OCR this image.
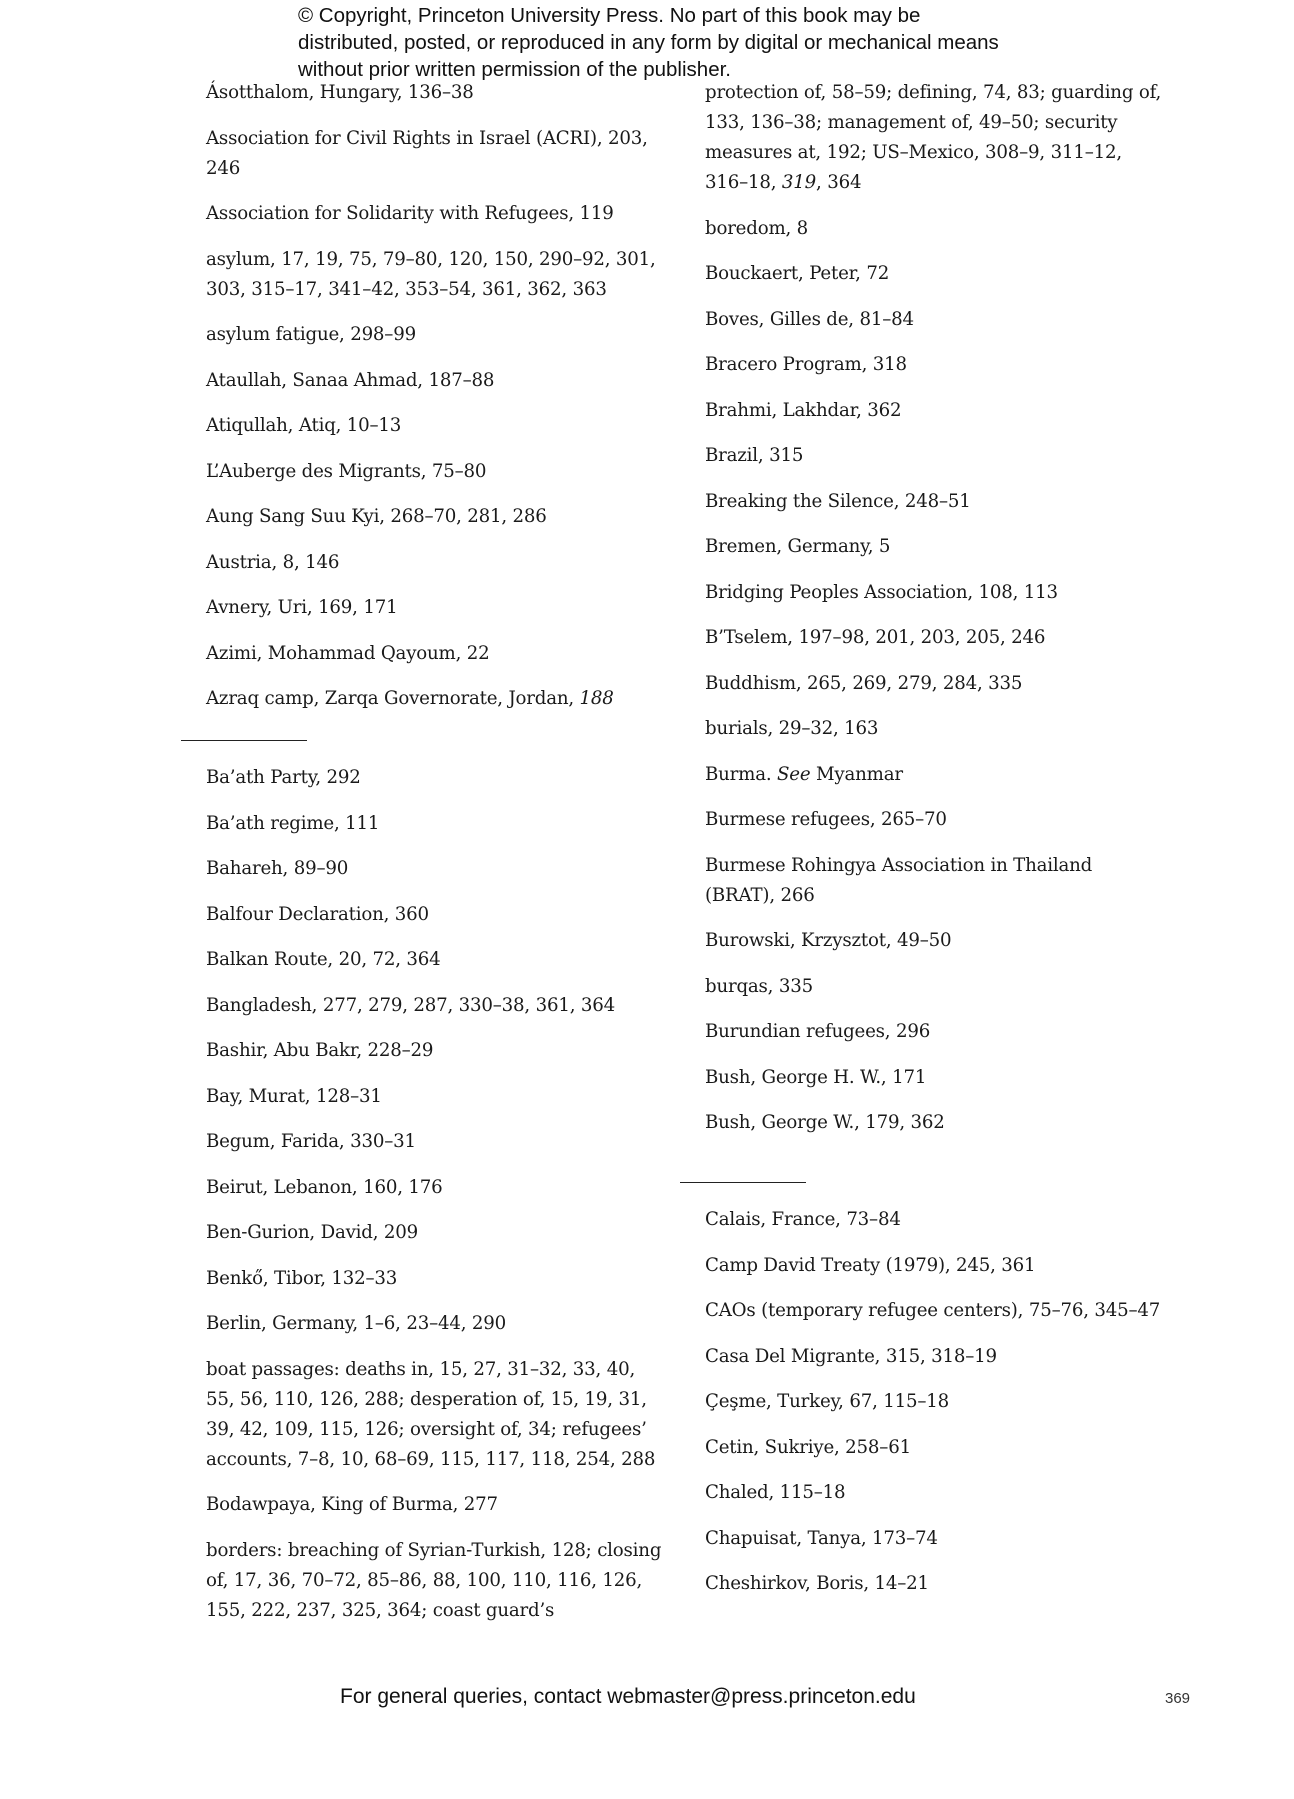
© Copyright, Princeton University Press. No part of this book may be distributed, posted, or reproduced in any form by digital or mechanical means without prior written permission of the publisher.

Ásotthalom, Hungary, 136–38

Association for Civil Rights in Israel (ACRI), 203, 246

Association for Solidarity with Refugees, 119

asylum, 17, 19, 75, 79–80, 120, 150, 290–92, 301, 303, 315–17, 341–42, 353–54, 361, 362, 363

asylum fatigue, 298–99

Ataullah, Sanaa Ahmad, 187–88

Atiqullah, Atiq, 10–13

L’Auberge des Migrants, 75–80

Aung Sang Suu Kyi, 268–70, 281, 286

Austria, 8, 146

Avnery, Uri, 169, 171

Azimi, Mohammad Qayoum, 22

Azraq camp, Zarqa Governorate, Jordan, 188

Ba’ath Party, 292

Ba’ath regime, 111

Bahareh, 89–90

Balfour Declaration, 360

Balkan Route, 20, 72, 364

Bangladesh, 277, 279, 287, 330–38, 361, 364

Bashir, Abu Bakr, 228–29

Bay, Murat, 128–31

Begum, Farida, 330–31

Beirut, Lebanon, 160, 176

Ben-Gurion, David, 209

Benkő, Tibor, 132–33

Berlin, Germany, 1–6, 23–44, 290

boat passages: deaths in, 15, 27, 31–32, 33, 40, 55, 56, 110, 126, 288; desperation of, 15, 19, 31, 39, 42, 109, 115, 126; oversight of, 34; refugees’ accounts, 7–8, 10, 68–69, 115, 117, 118, 254, 288

Bodawpaya, King of Burma, 277

borders: breaching of Syrian-Turkish, 128; closing of, 17, 36, 70–72, 85–86, 88, 100, 110, 116, 126, 155, 222, 237, 325, 364; coast guard’s

protection of, 58–59; defining, 74, 83; guarding of, 133, 136–38; management of, 49–50; security measures at, 192; US–Mexico, 308–9, 311–12, 316–18, 319, 364

boredom, 8

Bouckaert, Peter, 72

Boves, Gilles de, 81–84

Bracero Program, 318

Brahmi, Lakhdar, 362

Brazil, 315

Breaking the Silence, 248–51

Bremen, Germany, 5

Bridging Peoples Association, 108, 113

B’Tselem, 197–98, 201, 203, 205, 246

Buddhism, 265, 269, 279, 284, 335

burials, 29–32, 163

Burma. See Myanmar

Burmese refugees, 265–70

Burmese Rohingya Association in Thailand (BRAT), 266

Burowski, Krzysztot, 49–50

burqas, 335

Burundian refugees, 296

Bush, George H. W., 171

Bush, George W., 179, 362

Calais, France, 73–84

Camp David Treaty (1979), 245, 361

CAOs (temporary refugee centers), 75–76, 345–47

Casa Del Migrante, 315, 318–19

Çeşme, Turkey, 67, 115–18

Cetin, Sukriye, 258–61

Chaled, 115–18

Chapuisat, Tanya, 173–74

Cheshirkov, Boris, 14–21

For general queries, contact webmaster@press.princeton.edu	369
